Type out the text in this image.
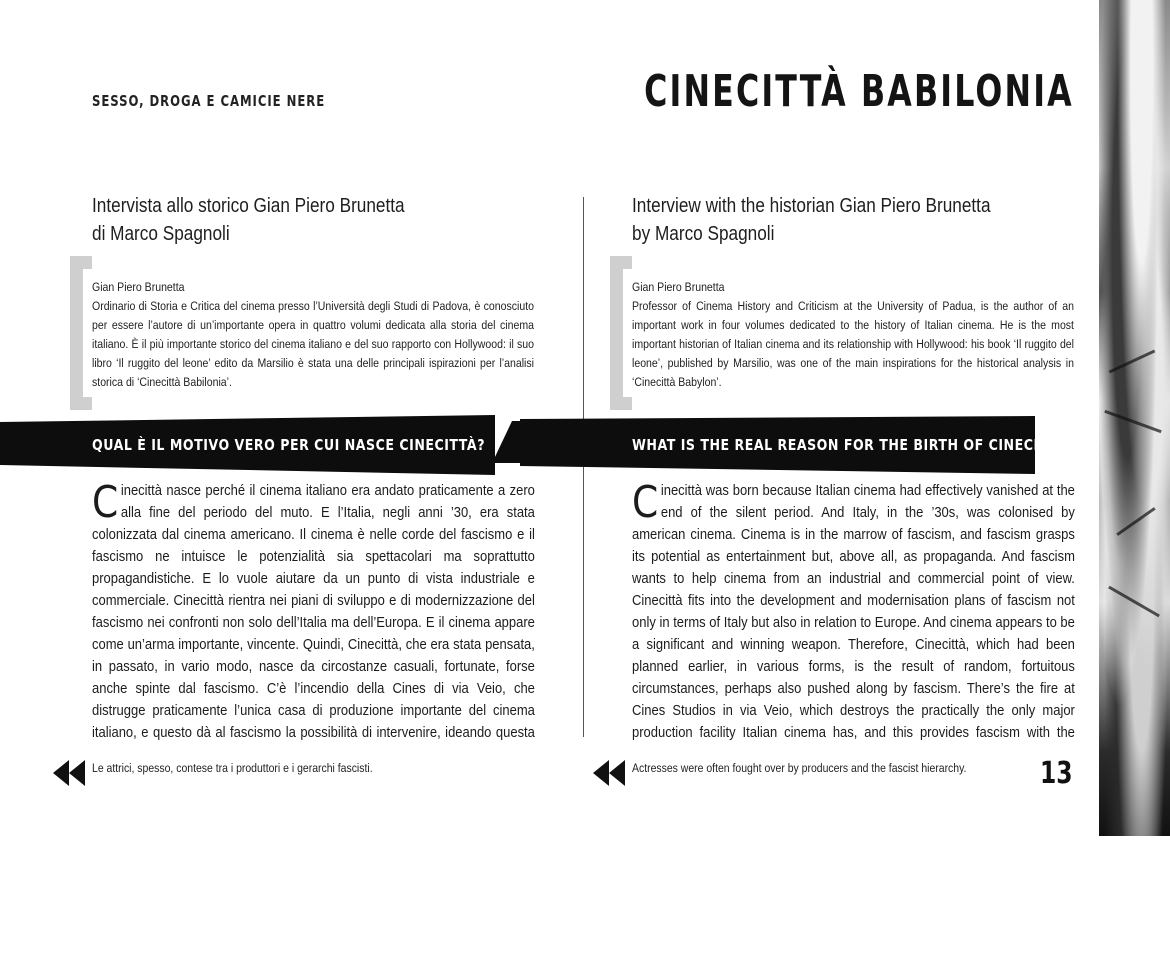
SESSO, DROGA E CAMICIE NERE	CINECITTÀ BABILONIA
Intervista allo storico Gian Piero Brunetta
di Marco Spagnoli
Gian Piero Brunetta
Ordinario di Storia e Critica del cinema presso l’Università degli Studi di Padova, è conosciuto per essere l’autore di un’importante opera in quattro volumi dedicata alla storia del cinema italiano. È il più importante storico del cinema italiano e del suo rapporto con Hollywood: il suo libro ‘Il ruggito del leone’ edito da Marsilio è stata una delle principali ispirazioni per l’analisi storica di ‘Cinecittà Babilonia’.
Interview with the historian Gian Piero Brunetta
by Marco Spagnoli
Gian Piero Brunetta
Professor of Cinema History and Criticism at the University of Padua, is the author of an important work in four volumes dedicated to the history of Italian cinema. He is the most important historian of Italian cinema and its relationship with Hollywood: his book ‘Il ruggito del leone’, published by Marsilio, was one of the main inspirations for the historical analysis in ‘Cinecittà Babylon’.
QUAL È IL MOTIVO VERO PER CUI NASCE CINECITTÀ?	WHAT IS THE REAL REASON FOR THE BIRTH OF CINECITTÀ?
Cinecittà nasce perché il cinema italiano era andato praticamente a zero alla fine del periodo del muto. E l’Italia, negli anni ’30, era stata colonizzata dal cinema americano. Il cinema è nelle corde del fascismo e il fascismo ne intuisce le potenzialità sia spettacolari ma soprattutto propagandistiche. E lo vuole aiutare da un punto di vista industriale e commerciale. Cinecittà rientra nei piani di sviluppo e di modernizzazione del fascismo nei confronti non solo dell’Italia ma dell’Europa. E il cinema appare come un’arma importante, vincente. Quindi, Cinecittà, che era stata pensata, in passato, in vario modo, nasce da circostanze casuali, fortunate, forse anche spinte dal fascismo. C’è l’incendio della Cines di via Veio, che distrugge praticamente l’unica casa di produzione importante del cinema italiano, e questo dà al fascismo la possibilità di intervenire, ideando questa
Cinecittà was born because Italian cinema had effectively vanished at the end of the silent period. And Italy, in the ’30s, was colonised by american cinema. Cinema is in the marrow of fascism, and fascism grasps its potential as entertainment but, above all, as propaganda. And fascism wants to help cinema from an industrial and commercial point of view. Cinecittà fits into the development and modernisation plans of fascism not only in terms of Italy but also in relation to Europe. And cinema appears to be a significant and winning weapon. Therefore, Cinecittà, which had been planned earlier, in various forms, is the result of random, fortuitous circumstances, perhaps also pushed along by fascism. There’s the fire at Cines Studios in via Veio, which destroys the practically the only major production facility Italian cinema has, and this provides fascism with the
Le attrici, spesso, contese tra i produttori e i gerarchi fascisti.	Actresses were often fought over by producers and the fascist hierarchy. 13
